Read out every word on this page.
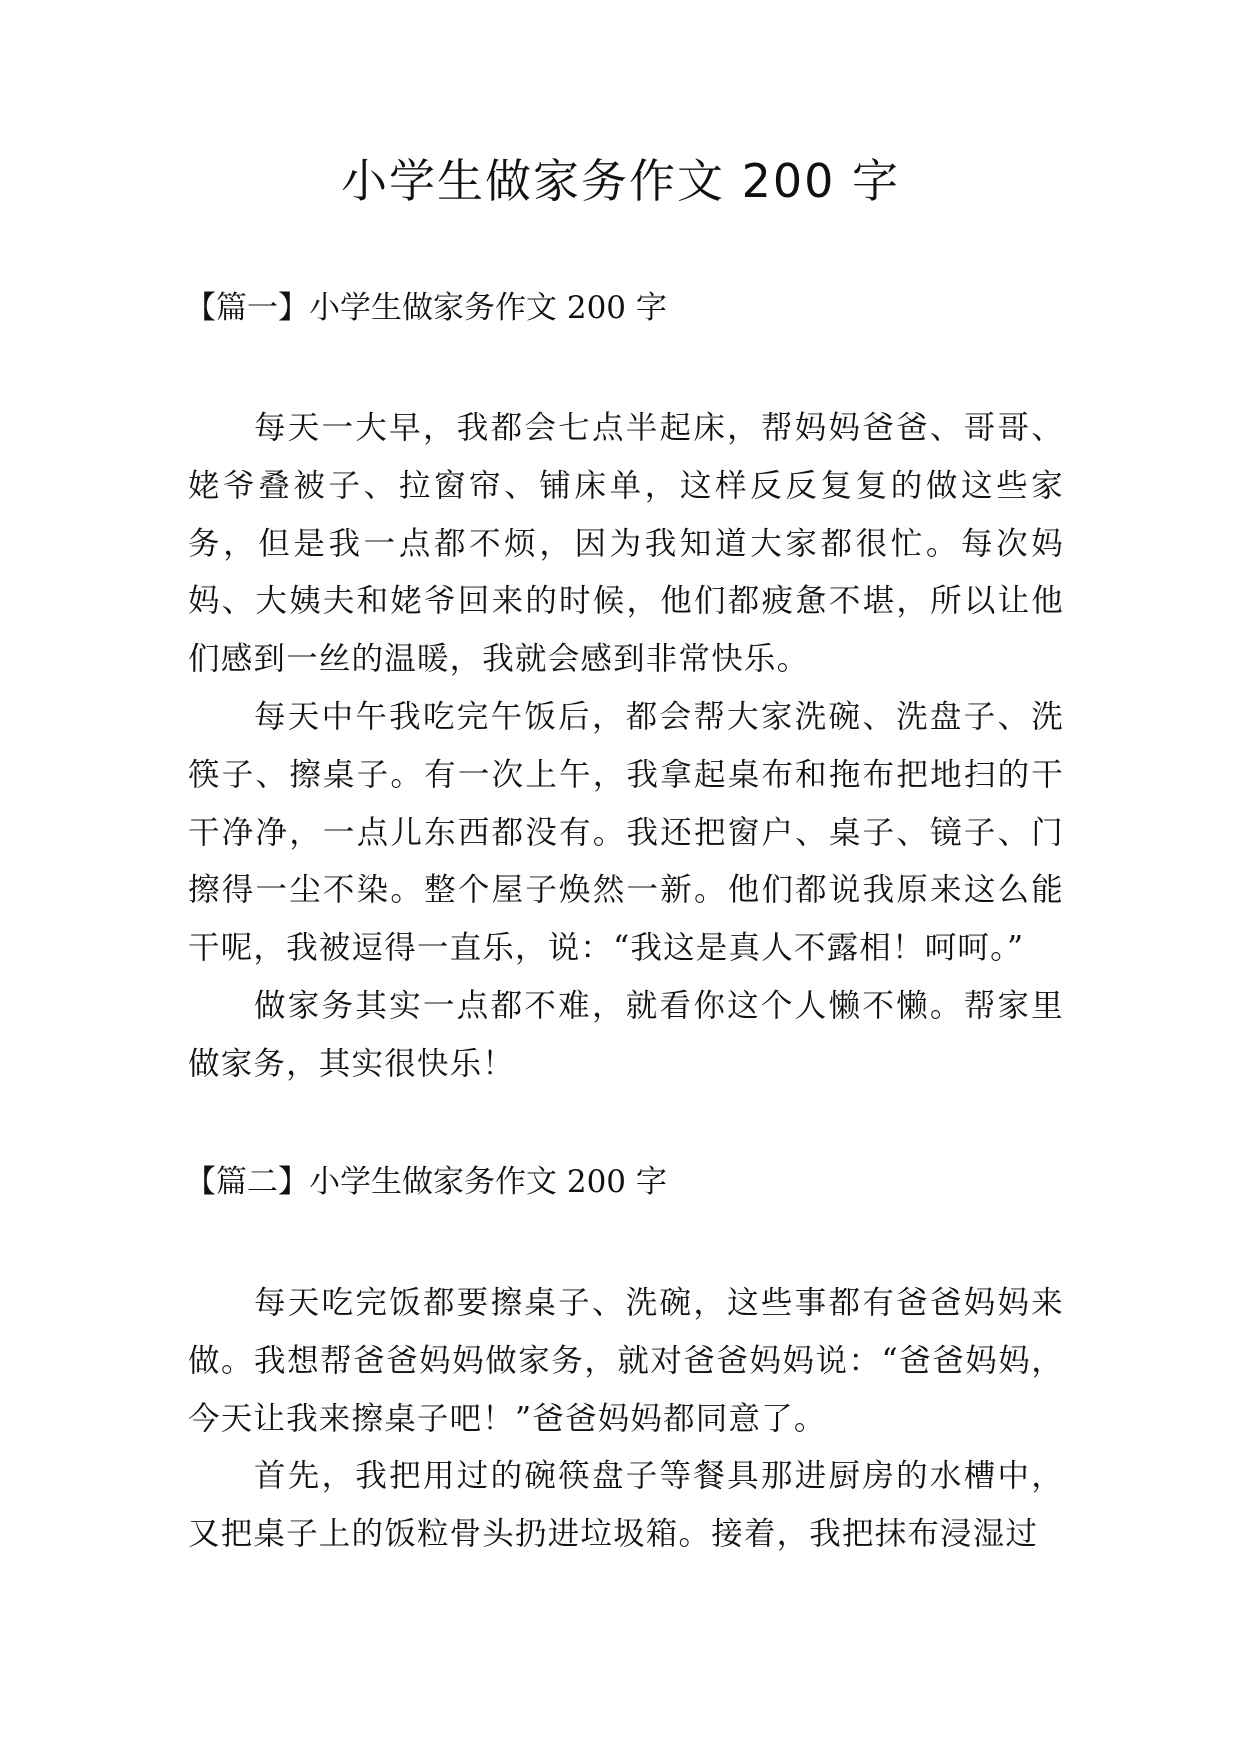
小学生做家务作文 200 字
【篇一】小学生做家务作文 200 字

每天一大早，我都会七点半起床，帮妈妈爸爸、哥哥、姥爷叠被子、拉窗帘、铺床单，这样反反复复的做这些家务，但是我一点都不烦，因为我知道大家都很忙。每次妈妈、大姨夫和姥爷回来的时候，他们都疲惫不堪，所以让他们感到一丝的温暖，我就会感到非常快乐。

每天中午我吃完午饭后，都会帮大家洗碗、洗盘子、洗筷子、擦桌子。有一次上午，我拿起桌布和拖布把地扫的干干净净，一点儿东西都没有。我还把窗户、桌子、镜子、门擦得一尘不染。整个屋子焕然一新。他们都说我原来这么能干呢，我被逗得一直乐，说：“我这是真人不露相！呵呵。”

做家务其实一点都不难，就看你这个人懒不懒。帮家里做家务，其实很快乐！

【篇二】小学生做家务作文 200 字

每天吃完饭都要擦桌子、洗碗，这些事都有爸爸妈妈来做。我想帮爸爸妈妈做家务，就对爸爸妈妈说：“爸爸妈妈，今天让我来擦桌子吧！”爸爸妈妈都同意了。

首先，我把用过的碗筷盘子等餐具那进厨房的水槽中，又把桌子上的饭粒骨头扔进垃圾箱。接着，我把抹布浸湿过
